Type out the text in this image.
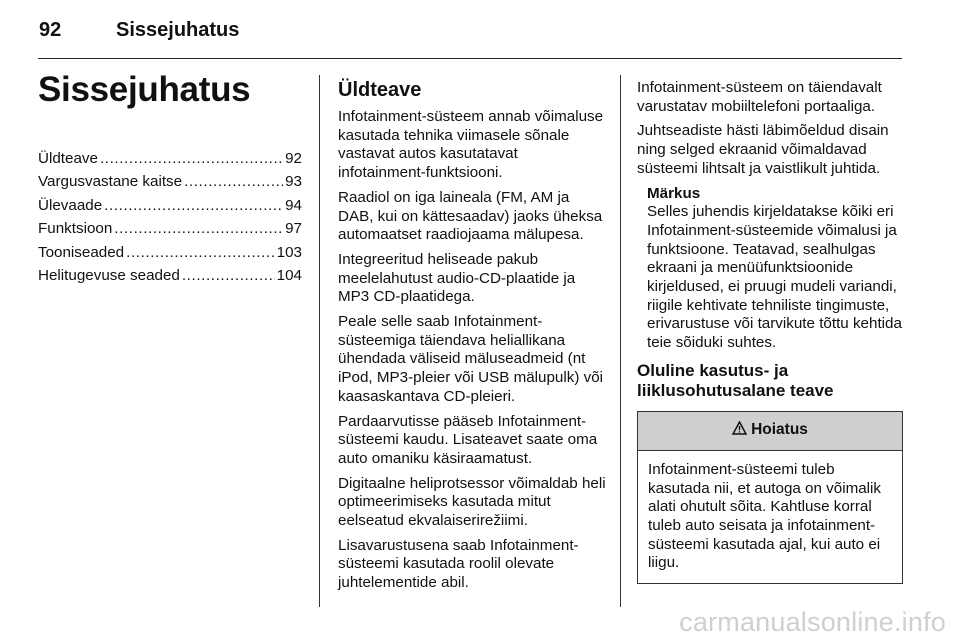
92	Sissejuhatus
Sissejuhatus
Üldteave .....	92
Vargusvastane kaitse .....	93
Ülevaade .....	94
Funktsioon .....	97
Tooniseaded .....	103
Helitugevuse seaded .....	104
Üldteave

Infotainment-süsteem annab võimaluse kasutada tehnika viimasele sõnale vastavat autos kasutatavat infotainment-funktsiooni.

Raadiol on iga laineala (FM, AM ja DAB, kui on kättesaadav) jaoks üheksa automaatset raadiojaama mälupesa.

Integreeritud heliseade pakub meelelahutust audio-CD-plaatide ja MP3 CD-plaatidega.

Peale selle saab Infotainment-süsteemiga täiendava heliallikana ühendada väliseid mäluseadmeid (nt iPod, MP3-pleier või USB mälupulk) või kaasaskantava CD-pleieri.

Pardaarvutisse pääseb Infotainment-süsteemi kaudu. Lisateavet saate oma auto omaniku käsiraamatust.

Digitaalne heliprotsessor võimaldab heli optimeerimiseks kasutada mitut eelseatud ekvalaiserirežiimi.

Lisavarustusena saab Infotainment-süsteemi kasutada roolil olevate juhtelementide abil.

Infotainment-süsteem on täiendavalt varustatav mobiiltelefoni portaaliga.

Juhtseadiste hästi läbimõeldud disain ning selged ekraanid võimaldavad süsteemi lihtsalt ja vaistlikult juhtida.

Märkus
Selles juhendis kirjeldatakse kõiki eri Infotainment-süsteemide võimalusi ja funktsioone. Teatavad, sealhulgas ekraani ja menüüfunktsioonide kirjeldused, ei pruugi mudeli variandi, riigile kehtivate tehniliste tingimuste, erivarustuse või tarvikute tõttu kehtida teie sõiduki suhtes.
Oluline kasutus- ja liiklusohutusalane teave
Hoiatus
Infotainment-süsteemi tuleb kasutada nii, et autoga on võimalik alati ohutult sõita. Kahtluse korral tuleb auto seisata ja infotainment-süsteemi kasutada ajal, kui auto ei liigu.
carmanualsonline.info
